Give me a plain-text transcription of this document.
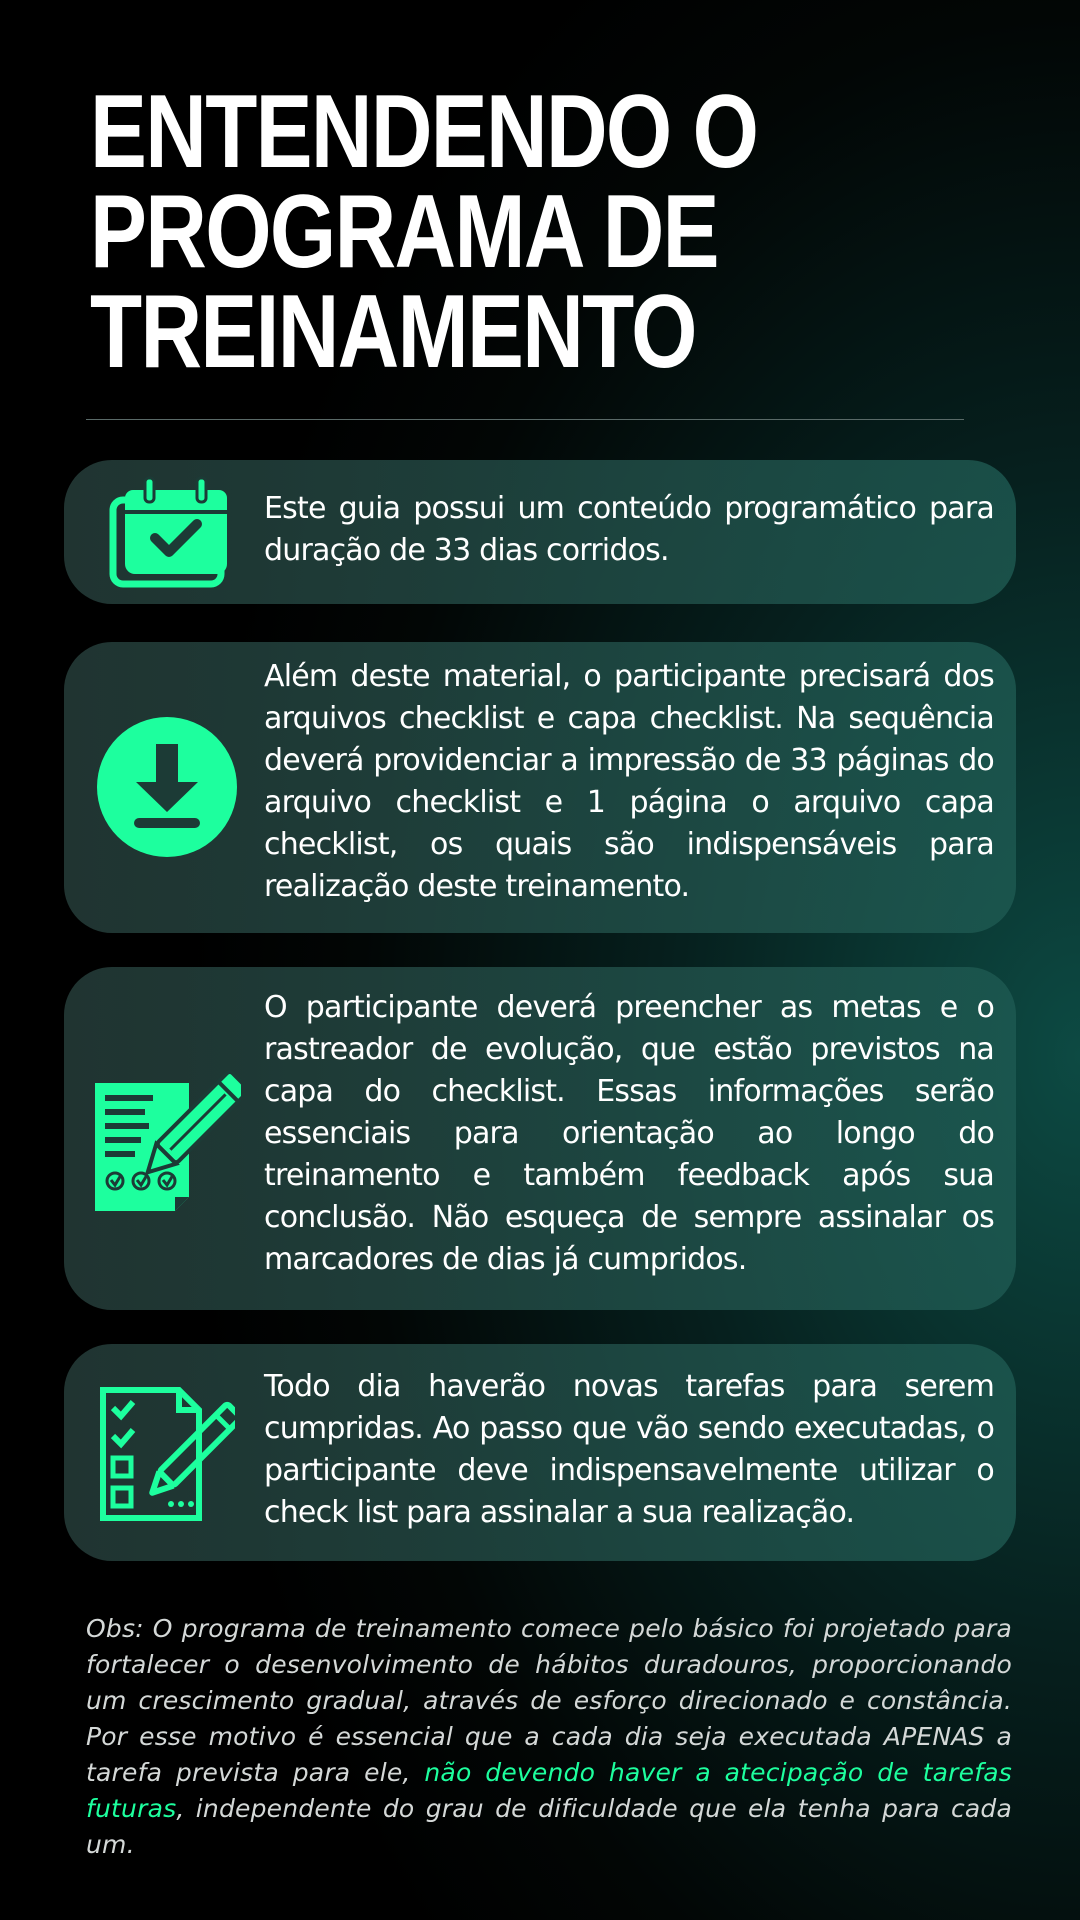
ENTENDENDO O
PROGRAMA DE
TREINAMENTO
Este guia possui um conteúdo programático para duração de 33 dias corridos.
Além deste material, o participante precisará dos arquivos checklist e capa checklist. Na sequência deverá providenciar a impressão de 33 páginas do arquivo checklist e 1 página o arquivo capa checklist, os quais são indispensáveis para realização deste treinamento.
O participante deverá preencher as metas e o rastreador de evolução, que estão previstos na capa do checklist. Essas informações serão essenciais para orientação ao longo do treinamento e também feedback após sua conclusão. Não esqueça de sempre assinalar os marcadores de dias já cumpridos.
Todo dia haverão novas tarefas para serem cumpridas. Ao passo que vão sendo executadas, o participante deve indispensavelmente utilizar o check list para assinalar a sua realização.

Obs: O programa de treinamento comece pelo básico foi projetado para fortalecer o desenvolvimento de hábitos duradouros, proporcionando um crescimento gradual, através de esforço direcionado e constância. Por esse motivo é essencial que a cada dia seja executada APENAS a tarefa prevista para ele, não devendo haver a atecipação de tarefas futuras, independente do grau de dificuldade que ela tenha para cada um.
